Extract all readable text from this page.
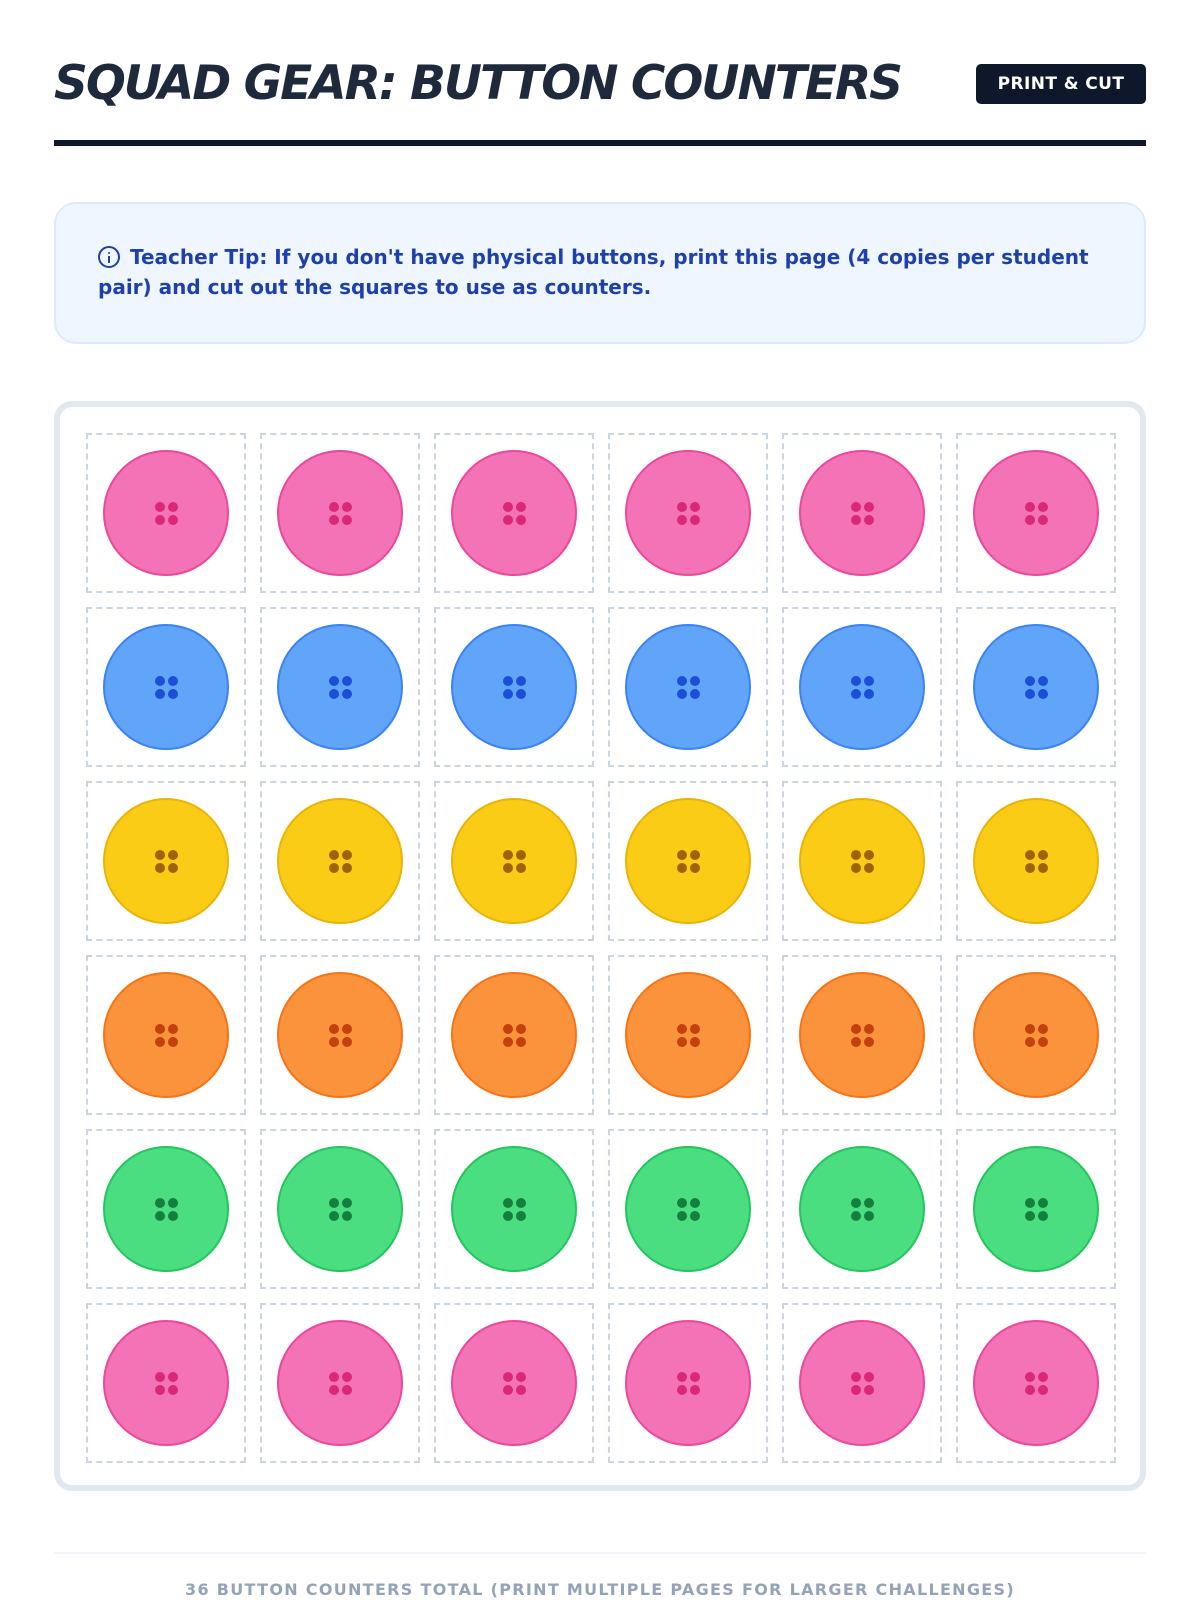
SQUAD GEAR: BUTTON COUNTERS	PRINT & CUT
Teacher Tip: If you don't have physical buttons, print this page (4 copies per student pair) and cut out the squares to use as counters.
36 BUTTON COUNTERS TOTAL (PRINT MULTIPLE PAGES FOR LARGER CHALLENGES)
